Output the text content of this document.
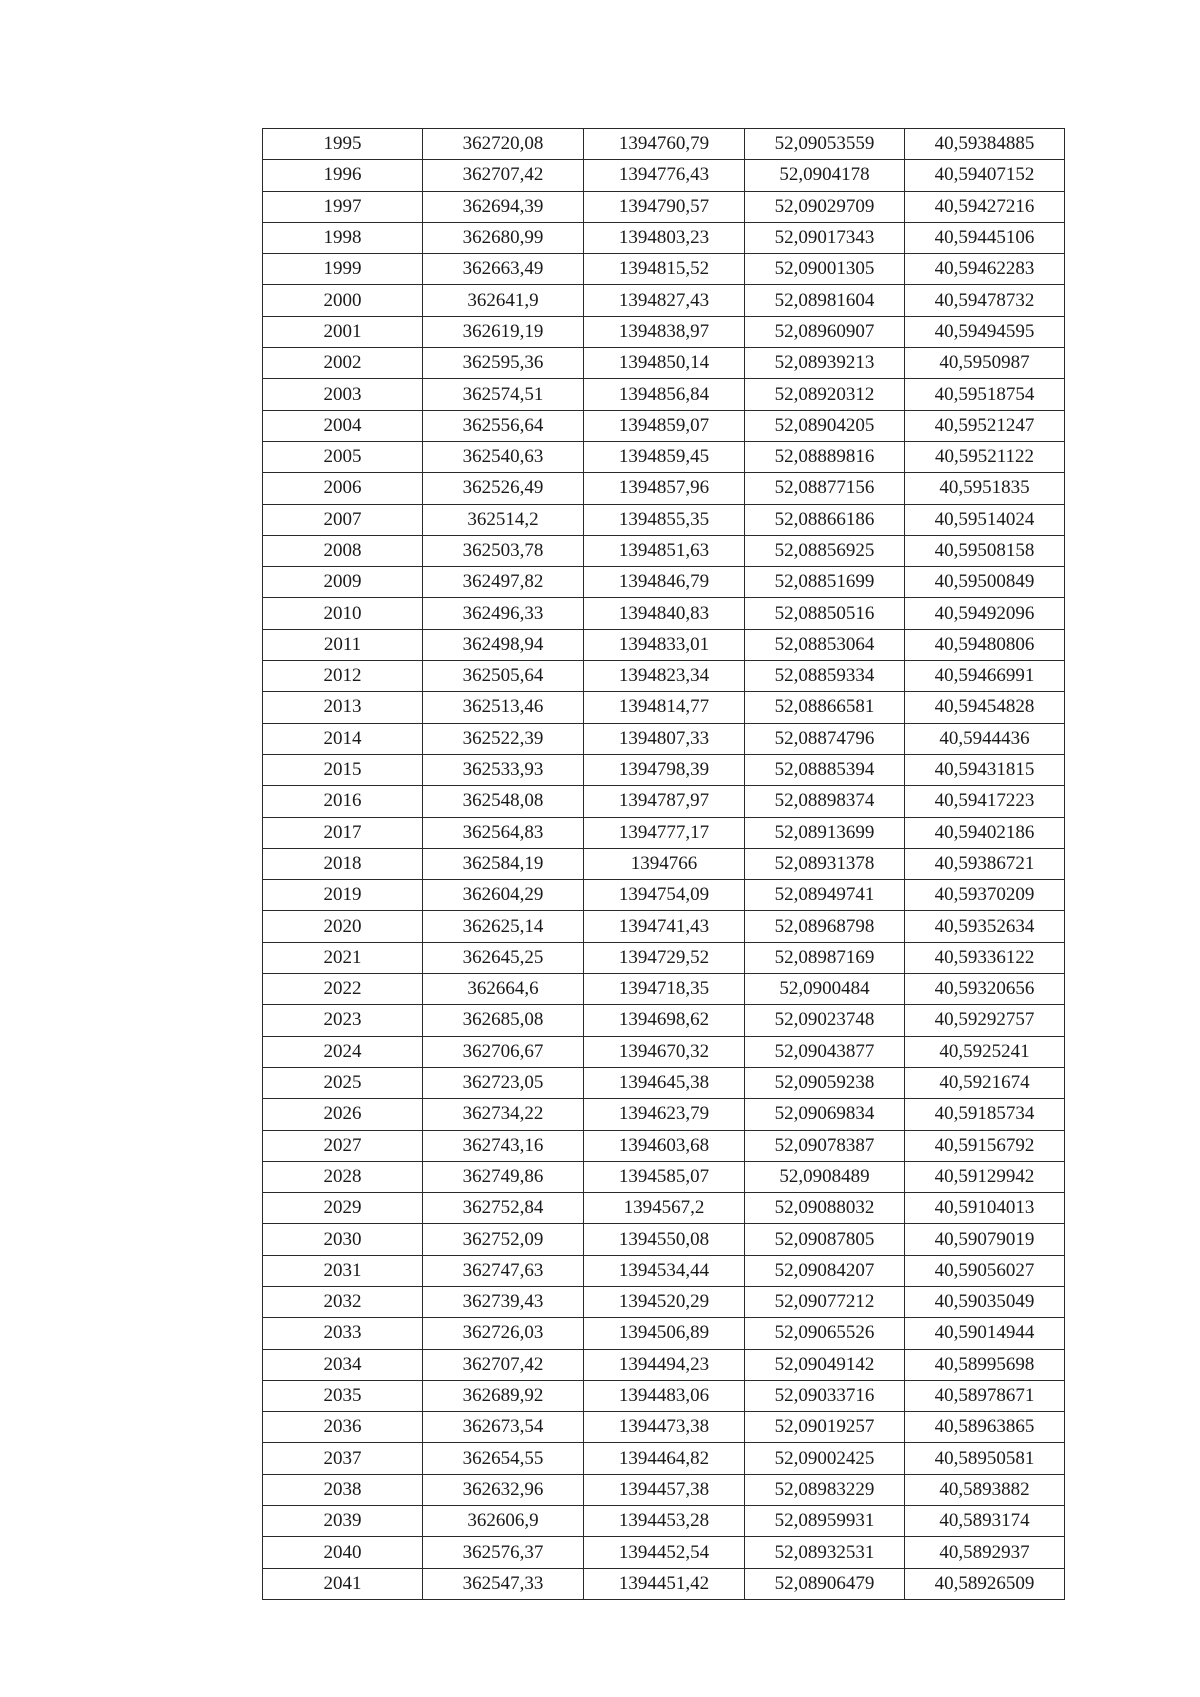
1995	362720,08	1394760,79	52,09053559	40,59384885
1996	362707,42	1394776,43	52,0904178	40,59407152
1997	362694,39	1394790,57	52,09029709	40,59427216
1998	362680,99	1394803,23	52,09017343	40,59445106
1999	362663,49	1394815,52	52,09001305	40,59462283
2000	362641,9	1394827,43	52,08981604	40,59478732
2001	362619,19	1394838,97	52,08960907	40,59494595
2002	362595,36	1394850,14	52,08939213	40,5950987
2003	362574,51	1394856,84	52,08920312	40,59518754
2004	362556,64	1394859,07	52,08904205	40,59521247
2005	362540,63	1394859,45	52,08889816	40,59521122
2006	362526,49	1394857,96	52,08877156	40,5951835
2007	362514,2	1394855,35	52,08866186	40,59514024
2008	362503,78	1394851,63	52,08856925	40,59508158
2009	362497,82	1394846,79	52,08851699	40,59500849
2010	362496,33	1394840,83	52,08850516	40,59492096
2011	362498,94	1394833,01	52,08853064	40,59480806
2012	362505,64	1394823,34	52,08859334	40,59466991
2013	362513,46	1394814,77	52,08866581	40,59454828
2014	362522,39	1394807,33	52,08874796	40,5944436
2015	362533,93	1394798,39	52,08885394	40,59431815
2016	362548,08	1394787,97	52,08898374	40,59417223
2017	362564,83	1394777,17	52,08913699	40,59402186
2018	362584,19	1394766	52,08931378	40,59386721
2019	362604,29	1394754,09	52,08949741	40,59370209
2020	362625,14	1394741,43	52,08968798	40,59352634
2021	362645,25	1394729,52	52,08987169	40,59336122
2022	362664,6	1394718,35	52,0900484	40,59320656
2023	362685,08	1394698,62	52,09023748	40,59292757
2024	362706,67	1394670,32	52,09043877	40,5925241
2025	362723,05	1394645,38	52,09059238	40,5921674
2026	362734,22	1394623,79	52,09069834	40,59185734
2027	362743,16	1394603,68	52,09078387	40,59156792
2028	362749,86	1394585,07	52,0908489	40,59129942
2029	362752,84	1394567,2	52,09088032	40,59104013
2030	362752,09	1394550,08	52,09087805	40,59079019
2031	362747,63	1394534,44	52,09084207	40,59056027
2032	362739,43	1394520,29	52,09077212	40,59035049
2033	362726,03	1394506,89	52,09065526	40,59014944
2034	362707,42	1394494,23	52,09049142	40,58995698
2035	362689,92	1394483,06	52,09033716	40,58978671
2036	362673,54	1394473,38	52,09019257	40,58963865
2037	362654,55	1394464,82	52,09002425	40,58950581
2038	362632,96	1394457,38	52,08983229	40,5893882
2039	362606,9	1394453,28	52,08959931	40,5893174
2040	362576,37	1394452,54	52,08932531	40,5892937
2041	362547,33	1394451,42	52,08906479	40,58926509
